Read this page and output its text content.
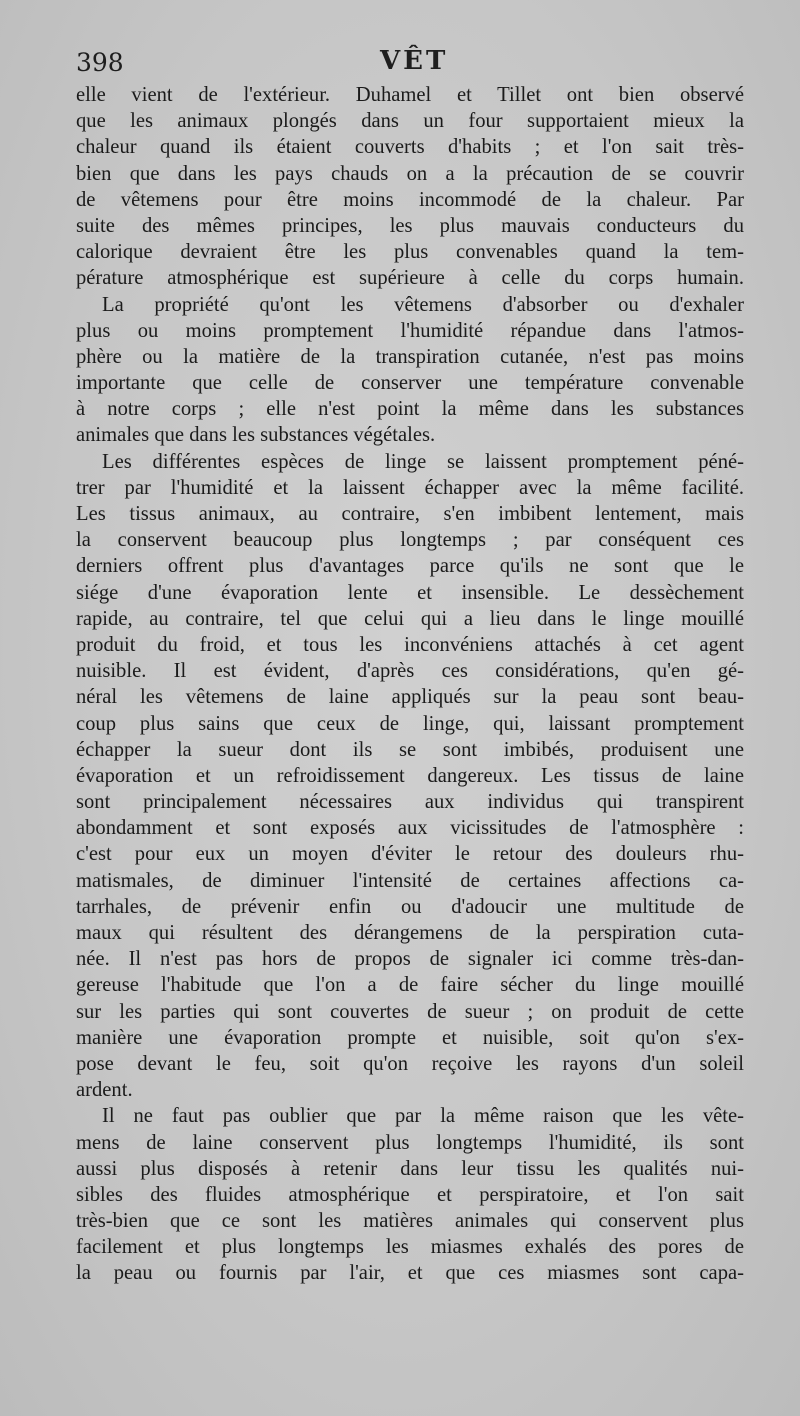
398	VÊT
elle vient de l'extérieur. Duhamel et Tillet ont bien observé
que les animaux plongés dans un four supportaient mieux la
chaleur quand ils étaient couverts d'habits ; et l'on sait très-
bien que dans les pays chauds on a la précaution de se couvrir
de vêtemens pour être moins incommodé de la chaleur. Par
suite des mêmes principes, les plus mauvais conducteurs du
calorique devraient être les plus convenables quand la tem-
pérature atmosphérique est supérieure à celle du corps humain.
La propriété qu'ont les vêtemens d'absorber ou d'exhaler
plus ou moins promptement l'humidité répandue dans l'atmos-
phère ou la matière de la transpiration cutanée, n'est pas moins
importante que celle de conserver une température convenable
à notre corps ; elle n'est point la même dans les substances
animales que dans les substances végétales.
Les différentes espèces de linge se laissent promptement péné-
trer par l'humidité et la laissent échapper avec la même facilité.
Les tissus animaux, au contraire, s'en imbibent lentement, mais
la conservent beaucoup plus longtemps ; par conséquent ces
derniers offrent plus d'avantages parce qu'ils ne sont que le
siége d'une évaporation lente et insensible. Le dessèchement
rapide, au contraire, tel que celui qui a lieu dans le linge mouillé
produit du froid, et tous les inconvéniens attachés à cet agent
nuisible. Il est évident, d'après ces considérations, qu'en gé-
néral les vêtemens de laine appliqués sur la peau sont beau-
coup plus sains que ceux de linge, qui, laissant promptement
échapper la sueur dont ils se sont imbibés, produisent une
évaporation et un refroidissement dangereux. Les tissus de laine
sont principalement nécessaires aux individus qui transpirent
abondamment et sont exposés aux vicissitudes de l'atmosphère :
c'est pour eux un moyen d'éviter le retour des douleurs rhu-
matismales, de diminuer l'intensité de certaines affections ca-
tarrhales, de prévenir enfin ou d'adoucir une multitude de
maux qui résultent des dérangemens de la perspiration cuta-
née. Il n'est pas hors de propos de signaler ici comme très-dan-
gereuse l'habitude que l'on a de faire sécher du linge mouillé
sur les parties qui sont couvertes de sueur ; on produit de cette
manière une évaporation prompte et nuisible, soit qu'on s'ex-
pose devant le feu, soit qu'on reçoive les rayons d'un soleil
ardent.
Il ne faut pas oublier que par la même raison que les vête-
mens de laine conservent plus longtemps l'humidité, ils sont
aussi plus disposés à retenir dans leur tissu les qualités nui-
sibles des fluides atmosphérique et perspiratoire, et l'on sait
très-bien que ce sont les matières animales qui conservent plus
facilement et plus longtemps les miasmes exhalés des pores de
la peau ou fournis par l'air, et que ces miasmes sont capa-
